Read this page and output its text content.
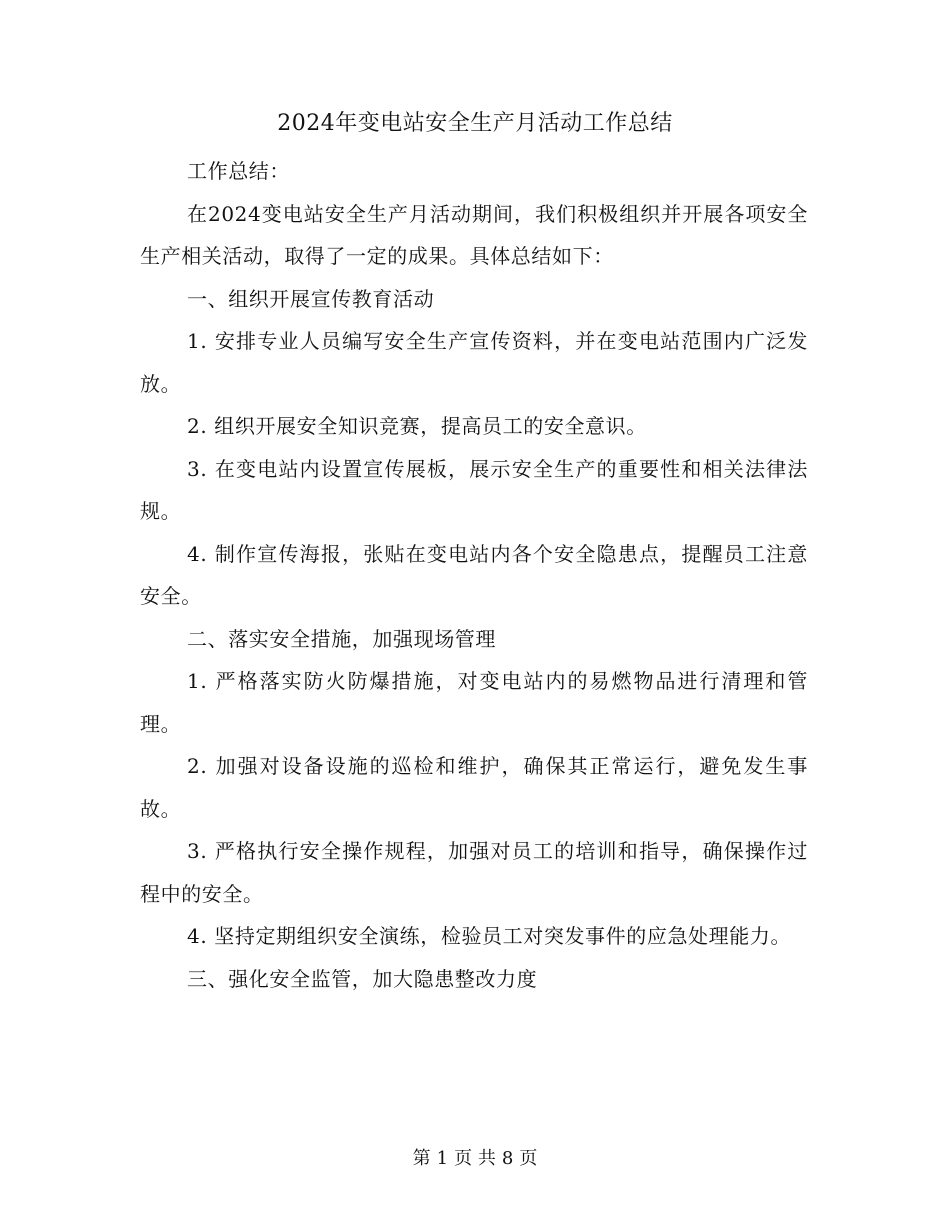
2024年变电站安全生产月活动工作总结

工作总结：

在2024变电站安全生产月活动期间，我们积极组织并开展各项安全生产相关活动，取得了一定的成果。具体总结如下：

一、组织开展宣传教育活动

1. 安排专业人员编写安全生产宣传资料，并在变电站范围内广泛发放。

2. 组织开展安全知识竞赛，提高员工的安全意识。

3. 在变电站内设置宣传展板，展示安全生产的重要性和相关法律法规。

4. 制作宣传海报，张贴在变电站内各个安全隐患点，提醒员工注意安全。

二、落实安全措施，加强现场管理

1. 严格落实防火防爆措施，对变电站内的易燃物品进行清理和管理。

2. 加强对设备设施的巡检和维护，确保其正常运行，避免发生事故。

3. 严格执行安全操作规程，加强对员工的培训和指导，确保操作过程中的安全。

4. 坚持定期组织安全演练，检验员工对突发事件的应急处理能力。

三、强化安全监管，加大隐患整改力度

第 1 页 共 8 页
